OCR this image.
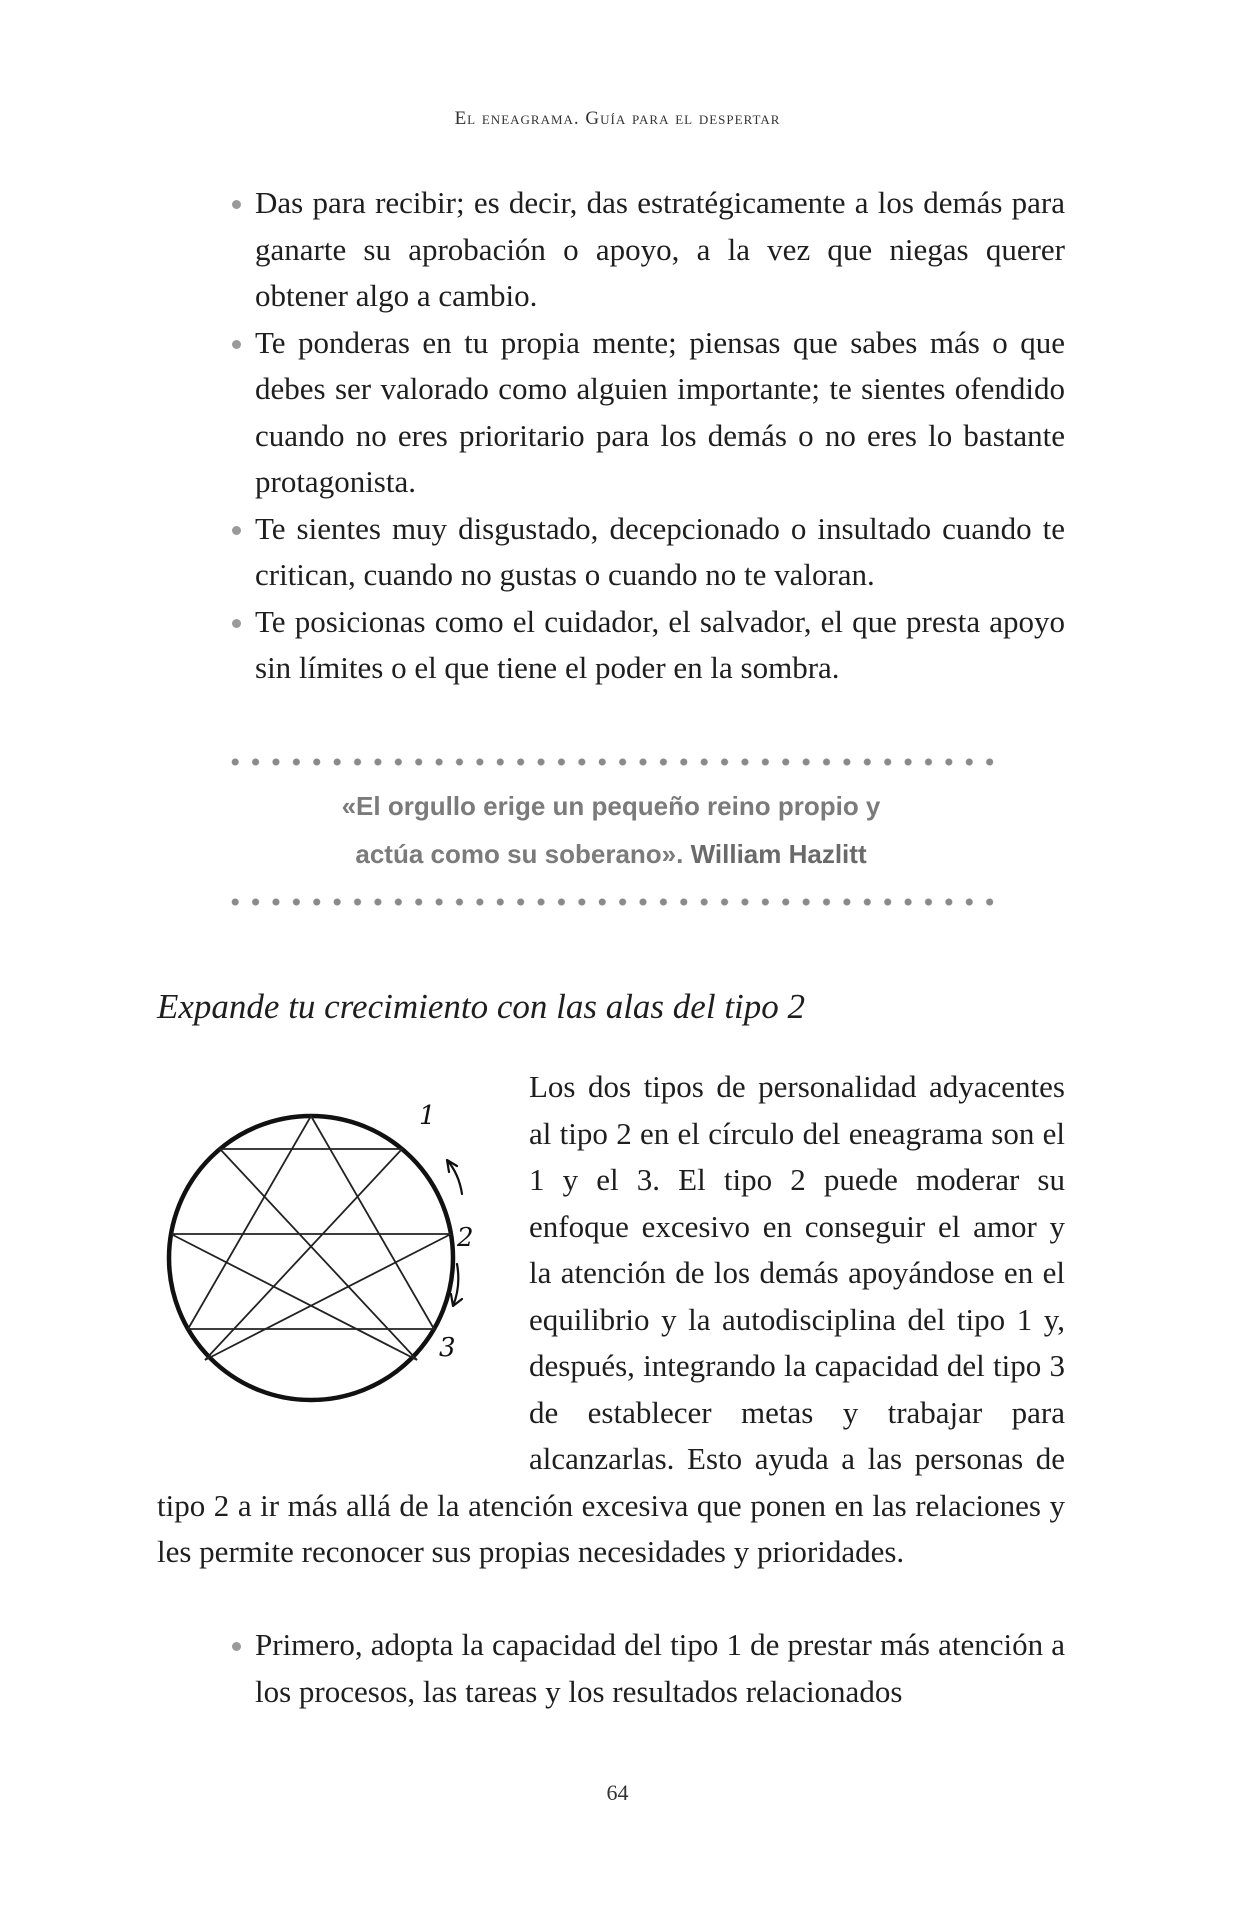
El eneagrama. Guía para el despertar
Das para recibir; es decir, das estratégicamente a los demás para ganarte su aprobación o apoyo, a la vez que niegas querer obtener algo a cambio.
Te ponderas en tu propia mente; piensas que sabes más o que debes ser valorado como alguien importante; te sientes ofendido cuando no eres prioritario para los demás o no eres lo bastante protagonista.
Te sientes muy disgustado, decepcionado o insultado cuando te critican, cuando no gustas o cuando no te valoran.
Te posicionas como el cuidador, el salvador, el que presta apoyo sin límites o el que tiene el poder en la sombra.
«El orgullo erige un pequeño reino propio y
actúa como su soberano». William Hazlitt
Expande tu crecimiento con las alas del tipo 2
1
2
3
Los dos tipos de personalidad adyacentes al tipo 2 en el círculo del eneagrama son el 1 y el 3. El tipo 2 puede moderar su enfoque excesivo en conseguir el amor y la atención de los demás apoyándose en el equilibrio y la autodisciplina del tipo 1 y, después, integrando la capacidad del tipo 3 de establecer metas y trabajar para alcanzarlas. Esto ayuda a las personas de tipo 2 a ir más allá de la atención excesiva que ponen en las relaciones y les permite reconocer sus propias necesidades y prioridades.
Primero, adopta la capacidad del tipo 1 de prestar más atención a los procesos, las tareas y los resultados relacionados
64
